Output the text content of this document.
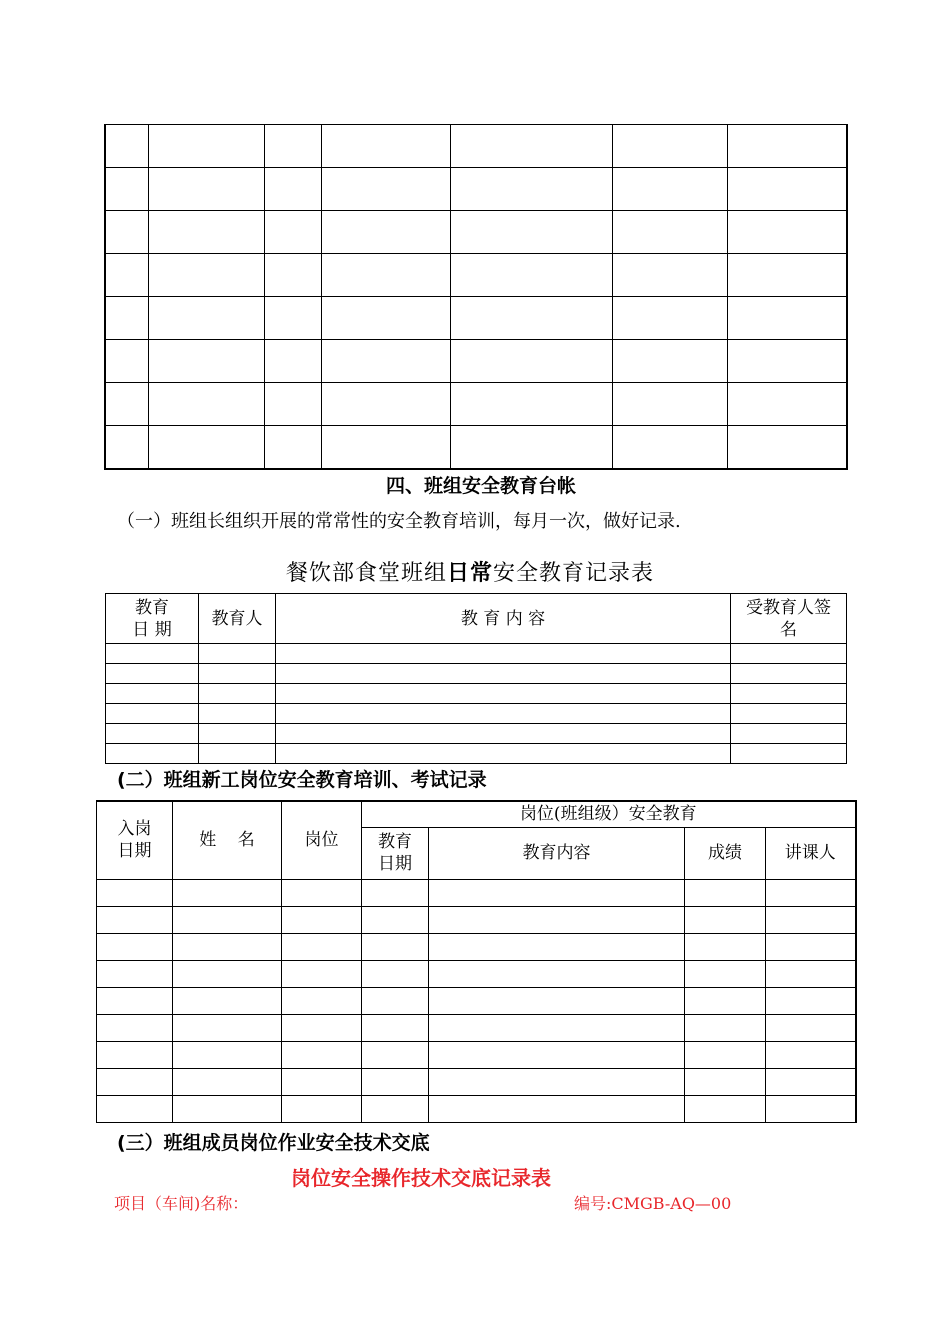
四、班组安全教育台帐
（一）班组长组织开展的常常性的安全教育培训，每月一次，做好记录.
餐饮部食堂班组日常安全教育记录表
教育
日 期	教育人	教 育 内 容	受教育人签
名

(二）班组新工岗位安全教育培训、考试记录
入岗
日期	姓    名	岗位	岗位(班组级）安全教育			
			教育
日期	教育内容	成绩	讲课人

(三）班组成员岗位作业安全技术交底
岗位安全操作技术交底记录表
项目（车间)名称：	编号:CMGB-AQ—00
